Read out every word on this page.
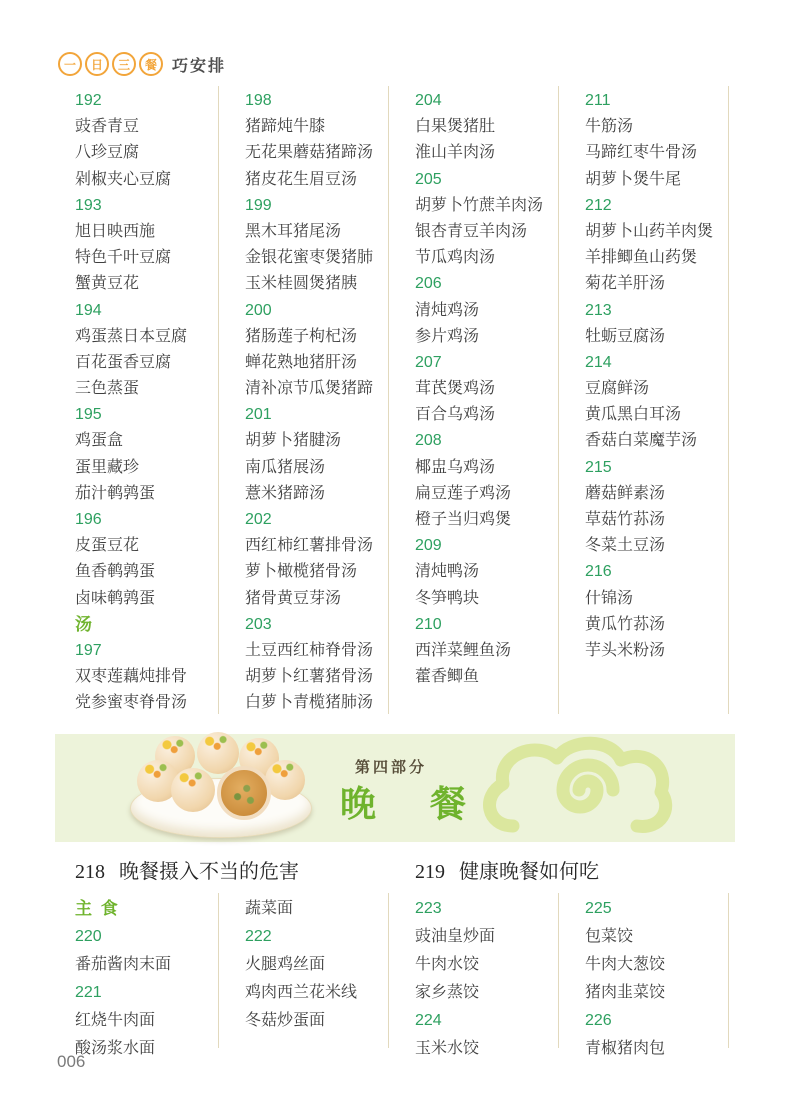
一	日	三	餐 巧安排
192
豉香青豆
八珍豆腐
剁椒夹心豆腐
193
旭日映西施
特色千叶豆腐
蟹黄豆花
194
鸡蛋蒸日本豆腐
百花蛋香豆腐
三色蒸蛋
195
鸡蛋盒
蛋里藏珍
茄汁鹌鹑蛋
196
皮蛋豆花
鱼香鹌鹑蛋
卤味鹌鹑蛋
汤
197
双枣莲藕炖排骨
党参蜜枣脊骨汤
198
猪蹄炖牛膝
无花果蘑菇猪蹄汤
猪皮花生眉豆汤
199
黑木耳猪尾汤
金银花蜜枣煲猪肺
玉米桂圆煲猪胰
200
猪肠莲子枸杞汤
蝉花熟地猪肝汤
清补凉节瓜煲猪蹄
201
胡萝卜猪腱汤
南瓜猪展汤
薏米猪蹄汤
202
西红柿红薯排骨汤
萝卜橄榄猪骨汤
猪骨黄豆芽汤
203
土豆西红柿脊骨汤
胡萝卜红薯猪骨汤
白萝卜青榄猪肺汤
204
白果煲猪肚
淮山羊肉汤
205
胡萝卜竹蔗羊肉汤
银杏青豆羊肉汤
节瓜鸡肉汤
206
清炖鸡汤
参片鸡汤
207
茸芪煲鸡汤
百合乌鸡汤
208
椰盅乌鸡汤
扁豆莲子鸡汤
橙子当归鸡煲
209
清炖鸭汤
冬笋鸭块
210
西洋菜鲤鱼汤
藿香鲫鱼
211
牛筋汤
马蹄红枣牛骨汤
胡萝卜煲牛尾
212
胡萝卜山药羊肉煲
羊排鲫鱼山药煲
菊花羊肝汤
213
牡蛎豆腐汤
214
豆腐鲜汤
黄瓜黑白耳汤
香菇白菜魔芋汤
215
蘑菇鲜素汤
草菇竹荪汤
冬菜土豆汤
216
什锦汤
黄瓜竹荪汤
芋头米粉汤
第四部分
晚 餐
218 晚餐摄入不当的危害	219 健康晚餐如何吃
主 食
220
番茄酱肉末面
221
红烧牛肉面
酸汤浆水面
蔬菜面
222
火腿鸡丝面
鸡肉西兰花米线
冬菇炒蛋面
223
豉油皇炒面
牛肉水饺
家乡蒸饺
224
玉米水饺
225
包菜饺
牛肉大葱饺
猪肉韭菜饺
226
青椒猪肉包
006
